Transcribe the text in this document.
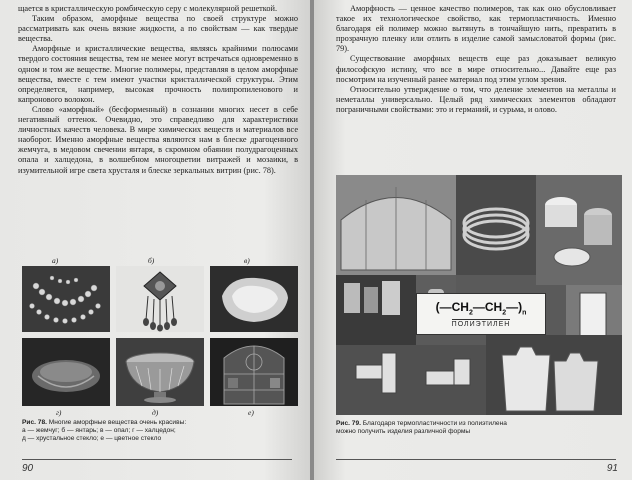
щается в кристаллическую ромбическую серу с молекулярной решеткой.

Таким образом, аморфные вещества по своей структуре можно рассматривать как очень вязкие жидкости, а по свойствам — как твердые вещества.

Аморфные и кристаллические вещества, являясь крайними полюсами твердого состояния вещества, тем не менее могут встречаться одновременно в одном и том же веществе. Многие полимеры, представляя в целом аморфные вещества, вместе с тем имеют участки кристаллической структуры. Этим определяется, например, высокая прочность полипропиленового и капронового волокон.

Слово «аморфный» (бесформенный) в сознании многих несет в себе негативный оттенок. Очевидно, это справедливо для характеристики личностных качеств человека. В мире химических веществ и материалов все наоборот. Именно аморфные вещества являются нам в блеске драгоценного жемчуга, в медовом свечении янтаря, в скромном обаянии полудрагоценных опала и халцедона, в волшебном многоцветии витражей и мозаики, в изумительной игре света хрусталя и блеске зеркальных витрин (рис. 78).

а)	б)	в)
г)	д)	е)
Рис. 78. Многие аморфные вещества очень красивы:
а — жемчуг; б — янтарь; в — опал; г — халцедон;
д — хрустальное стекло; е — цветное стекло
90

Аморфность — ценное качество полимеров, так как оно обусловливает такое их технологическое свойство, как термопластичность. Именно благодаря ей полимер можно вытянуть в тончайшую нить, превратить в прозрачную пленку или отлить в изделие самой замысловатой формы (рис. 79).

Существование аморфных веществ еще раз доказывает великую философскую истину, что все в мире относительно... Давайте еще раз посмотрим на изученный ранее материал под этим углом зрения.

Относительно утверждение о том, что деление элементов на металлы и неметаллы универсально. Целый ряд химических элементов обладают пограничными свойствами: это и германий, и сурьма, и олово.

$(—CH_2—CH_2—)_n$
ПОЛИЭТИЛЕН
Рис. 79. Благодаря термопластичности из полиэтилена
можно получить изделия различной формы
91
